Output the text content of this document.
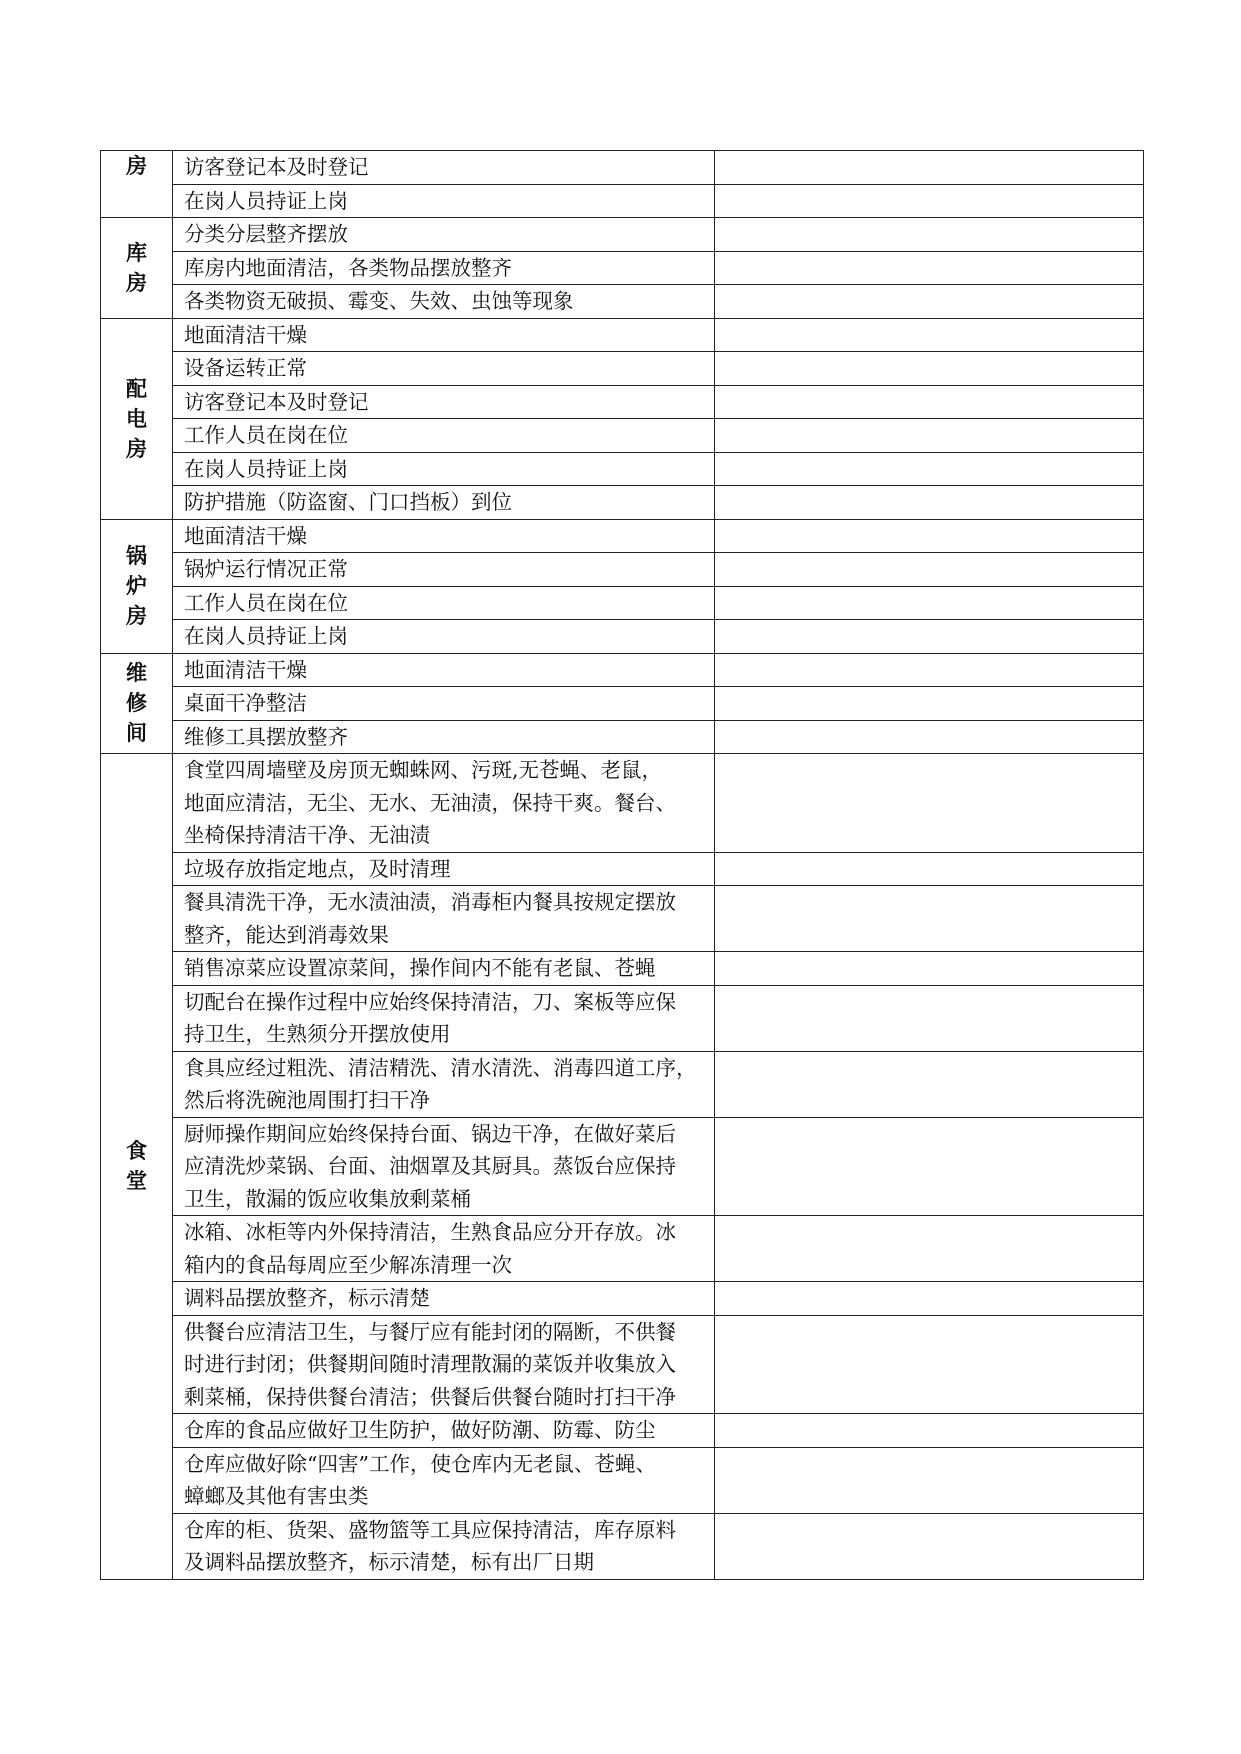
房	访客登记本及时登记	
	在岗人员持证上岗	

库
房	分类分层整齐摆放	
	库房内地面清洁，各类物品摆放整齐	
	各类物资无破损、霉变、失效、虫蚀等现象	

配
电
房	地面清洁干燥	
	设备运转正常	
	访客登记本及时登记	
	工作人员在岗在位	
	在岗人员持证上岗	
	防护措施（防盗窗、门口挡板）到位	

锅
炉
房	地面清洁干燥	
	锅炉运行情况正常	
	工作人员在岗在位	
	在岗人员持证上岗	

维
修
间	地面清洁干燥	
	桌面干净整洁	
	维修工具摆放整齐	

食
堂	食堂四周墙壁及房顶无蜘蛛网、污斑,无苍蝇、老鼠，
地面应清洁，无尘、无水、无油渍，保持干爽。餐台、
坐椅保持清洁干净、无油渍	
	垃圾存放指定地点，及时清理	
	餐具清洗干净，无水渍油渍，消毒柜内餐具按规定摆放
整齐，能达到消毒效果	
	销售凉菜应设置凉菜间，操作间内不能有老鼠、苍蝇	
	切配台在操作过程中应始终保持清洁，刀、案板等应保
持卫生，生熟须分开摆放使用	
	食具应经过粗洗、清洁精洗、清水清洗、消毒四道工序，
然后将洗碗池周围打扫干净	
	厨师操作期间应始终保持台面、锅边干净，在做好菜后
应清洗炒菜锅、台面、油烟罩及其厨具。蒸饭台应保持
卫生，散漏的饭应收集放剩菜桶	
	冰箱、冰柜等内外保持清洁，生熟食品应分开存放。冰
箱内的食品每周应至少解冻清理一次	
	调料品摆放整齐，标示清楚	
	供餐台应清洁卫生，与餐厅应有能封闭的隔断，不供餐
时进行封闭；供餐期间随时清理散漏的菜饭并收集放入
剩菜桶，保持供餐台清洁；供餐后供餐台随时打扫干净	
	仓库的食品应做好卫生防护，做好防潮、防霉、防尘	
	仓库应做好除“四害”工作，使仓库内无老鼠、苍蝇、
蟑螂及其他有害虫类	
	仓库的柜、货架、盛物篮等工具应保持清洁，库存原料
及调料品摆放整齐，标示清楚，标有出厂日期	
